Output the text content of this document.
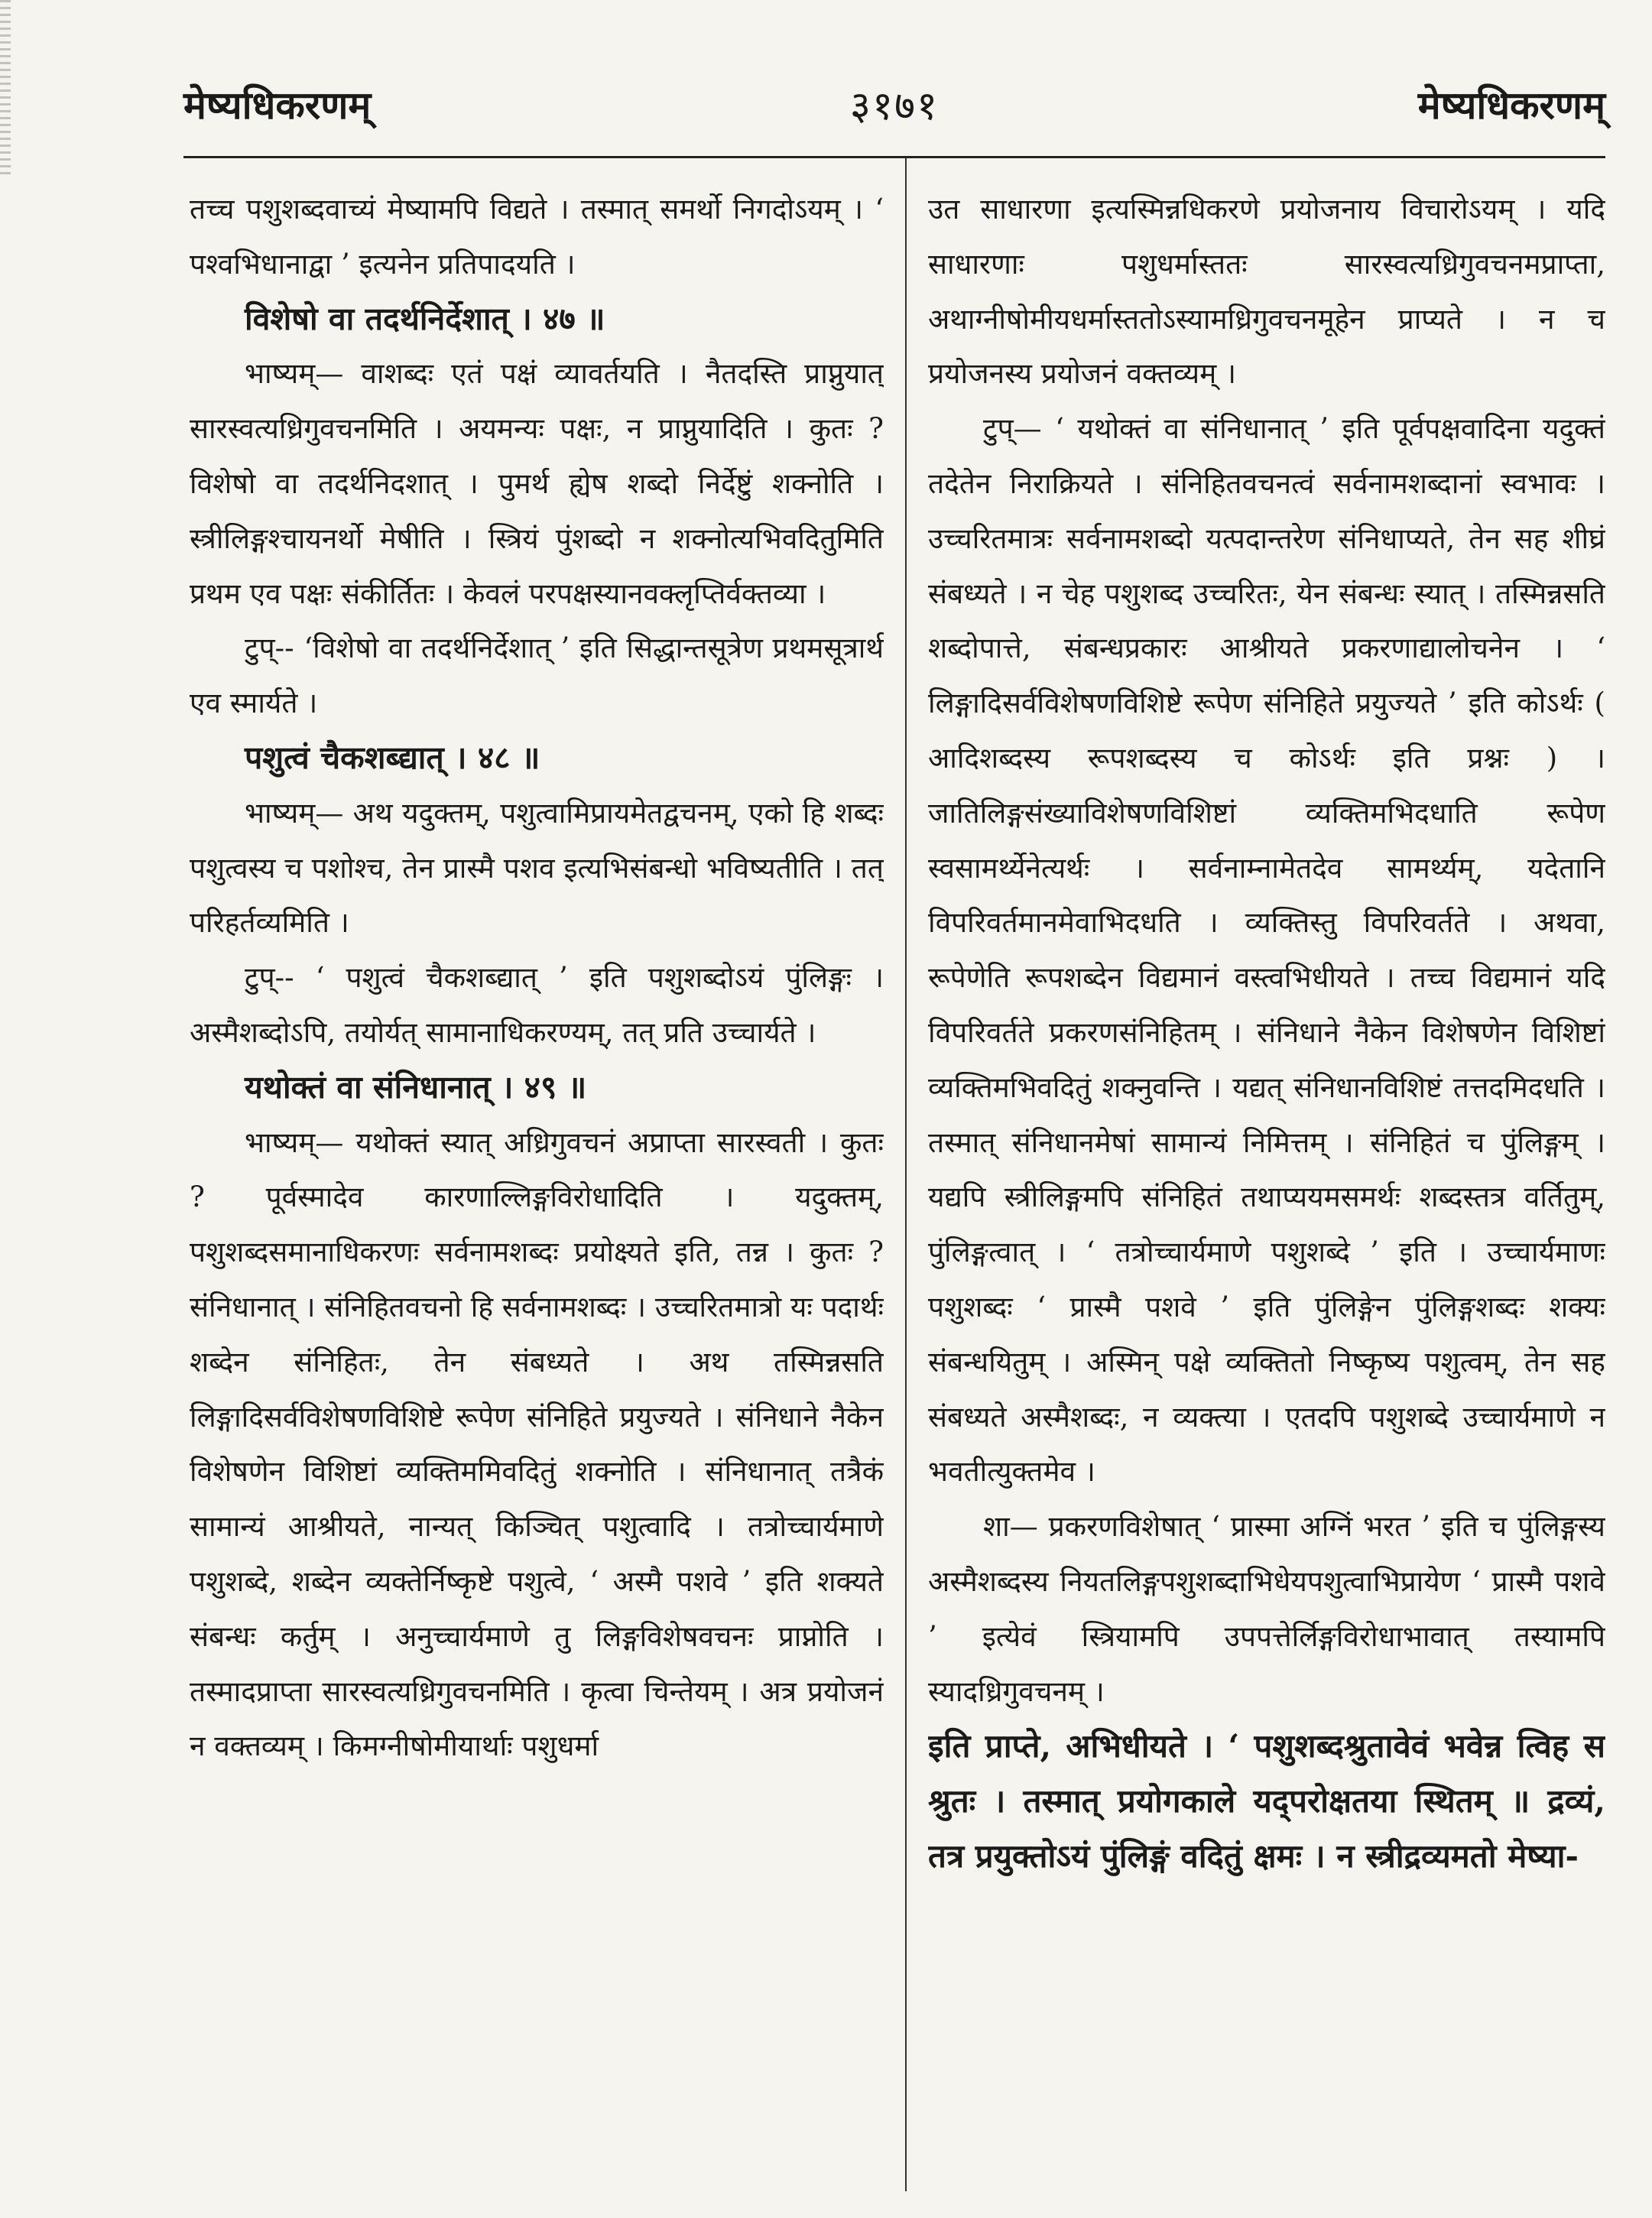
मेष्यधिकरणम्	३१७१	मेष्यधिकरणम्

तच्च पशुशब्दवाच्यं मेष्यामपि विद्यते । तस्मात् समर्थो निगदोऽयम् । ‘ पश्वभिधानाद्वा ’ इत्यनेन प्रतिपादयति ।

विशेषो वा तदर्थनिर्देशात् । ४७ ॥

भाष्यम्— वाशब्दः एतं पक्षं व्यावर्तयति । नैतदस्ति प्राप्नुयात् सारस्वत्यध्रिगुवचनमिति । अयमन्यः पक्षः, न प्राप्नुयादिति । कुतः ? विशेषो वा तदर्थनिदशात् । पुमर्थ ह्येष शब्दो निर्देष्टुं शक्नोति । स्त्रीलिङ्गश्चायनर्थो मेषीति । स्त्रियं पुंशब्दो न शक्नोत्यभिवदितुमिति प्रथम एव पक्षः संकीर्तितः । केवलं परपक्षस्यानवक्लृप्तिर्वक्तव्या ।

टुप्-- ‘विशेषो वा तदर्थनिर्देशात् ’ इति सिद्धान्तसूत्रेण प्रथमसूत्रार्थ एव स्मार्यते ।

पशुत्वं चैकशब्द्यात् । ४८ ॥

भाष्यम्— अथ यदुक्तम्, पशुत्वामिप्रायमेतद्वचनम्, एको हि शब्दः पशुत्वस्य च पशोश्च, तेन प्रास्मै पशव इत्यभिसंबन्धो भविष्यतीति । तत् परिहर्तव्यमिति ।

टुप्-- ‘ पशुत्वं चैकशब्द्यात् ’ इति पशुशब्दोऽयं पुंलिङ्गः । अस्मैशब्दोऽपि, तयोर्यत् सामानाधिकरण्यम्, तत् प्रति उच्चार्यते ।

यथोक्तं वा संनिधानात् । ४९ ॥

भाष्यम्— यथोक्तं स्यात् अध्रिगुवचनं अप्राप्ता सारस्वती । कुतः ? पूर्वस्मादेव कारणाल्लिङ्गविरोधादिति । यदुक्तम्, पशुशब्दसमानाधिकरणः सर्वनामशब्दः प्रयोक्ष्यते इति, तन्न । कुतः ? संनिधानात् । संनिहितवचनो हि सर्वनामशब्दः । उच्चरितमात्रो यः पदार्थः शब्देन संनिहितः, तेन संबध्यते । अथ तस्मिन्नसति लिङ्गादिसर्वविशेषणविशिष्टे रूपेण संनिहिते प्रयुज्यते । संनिधाने नैकेन विशेषणेन विशिष्टां व्यक्तिममिवदितुं शक्नोति । संनिधानात् तत्रैकं सामान्यं आश्रीयते, नान्यत् किञ्चित् पशुत्वादि । तत्रोच्चार्यमाणे पशुशब्दे, शब्देन व्यक्तेर्निष्कृष्टे पशुत्वे, ‘ अस्मै पशवे ’ इति शक्यते संबन्धः कर्तुम् । अनुच्चार्यमाणे तु लिङ्गविशेषवचनः प्राप्नोति । तस्मादप्राप्ता सारस्वत्यध्रिगुवचनमिति । कृत्वा चिन्तेयम् । अत्र प्रयोजनं न वक्तव्यम् । किमग्नीषोमीयार्थाः पशुधर्मा

उत साधारणा इत्यस्मिन्नधिकरणे प्रयोजनाय विचारोऽयम् । यदि साधारणाः पशुधर्मास्ततः सारस्वत्यध्रिगुवचनमप्राप्ता, अथाग्नीषोमीयधर्मास्ततोऽस्यामध्रिगुवचनमूहेन प्राप्यते । न च प्रयोजनस्य प्रयोजनं वक्तव्यम् ।

टुप्— ‘ यथोक्तं वा संनिधानात् ’ इति पूर्वपक्षवादिना यदुक्तं तदेतेन निराक्रियते । संनिहितवचनत्वं सर्वनामशब्दानां स्वभावः । उच्चरितमात्रः सर्वनामशब्दो यत्पदान्तरेण संनिधाप्यते, तेन सह शीघ्रं संबध्यते । न चेह पशुशब्द उच्चरितः, येन संबन्धः स्यात् । तस्मिन्नसति शब्दोपात्ते, संबन्धप्रकारः आश्रीयते प्रकरणाद्यालोचनेन । ‘ लिङ्गादिसर्वविशेषणविशिष्टे रूपेण संनिहिते प्रयुज्यते ’ इति कोऽर्थः ( आदिशब्दस्य रूपशब्दस्य च कोऽर्थः इति प्रश्नः ) । जातिलिङ्गसंख्याविशेषणविशिष्टां व्यक्तिमभिदधाति रूपेण स्वसामर्थ्येनेत्यर्थः । सर्वनाम्नामेतदेव सामर्थ्यम्, यदेतानि विपरिवर्तमानमेवाभिदधति । व्यक्तिस्तु विपरिवर्तते । अथवा, रूपेणेति रूपशब्देन विद्यमानं वस्त्वभिधीयते । तच्च विद्यमानं यदि विपरिवर्तते प्रकरणसंनिहितम् । संनिधाने नैकेन विशेषणेन विशिष्टां व्यक्तिमभिवदितुं शक्नुवन्ति । यद्यत् संनिधानविशिष्टं तत्तदमिदधति । तस्मात् संनिधानमेषां सामान्यं निमित्तम् । संनिहितं च पुंलिङ्गम् । यद्यपि स्त्रीलिङ्गमपि संनिहितं तथाप्ययमसमर्थः शब्दस्तत्र वर्तितुम्, पुंलिङ्गत्वात् । ‘ तत्रोच्चार्यमाणे पशुशब्दे ’ इति । उच्चार्यमाणः पशुशब्दः ‘ प्रास्मै पशवे ’ इति पुंलिङ्गेन पुंलिङ्गशब्दः शक्यः संबन्धयितुम् । अस्मिन् पक्षे व्यक्तितो निष्कृष्य पशुत्वम्, तेन सह संबध्यते अस्मैशब्दः, न व्यक्त्या । एतदपि पशुशब्दे उच्चार्यमाणे न भवतीत्युक्तमेव ।

शा— प्रकरणविशेषात् ‘ प्रास्मा अग्निं भरत ’ इति च पुंलिङ्गस्य अस्मैशब्दस्य नियतलिङ्गपशुशब्दाभिधेयपशुत्वाभिप्रायेण ‘ प्रास्मै पशवे ’ इत्येवं स्त्रियामपि उपपत्तेर्लिङ्गविरोधाभावात् तस्यामपि स्यादध्रिगुवचनम् ।

इति प्राप्ते, अभिधीयते । ‘ पशुशब्दश्रुतावेवं भवेन्न त्विह स श्रुतः । तस्मात् प्रयोगकाले यद्परोक्षतया स्थितम् ॥ द्रव्यं, तत्र प्रयुक्तोऽयं पुंलिङ्गं वदितुं क्षमः । न स्त्रीद्रव्यमतो मेष्या-
